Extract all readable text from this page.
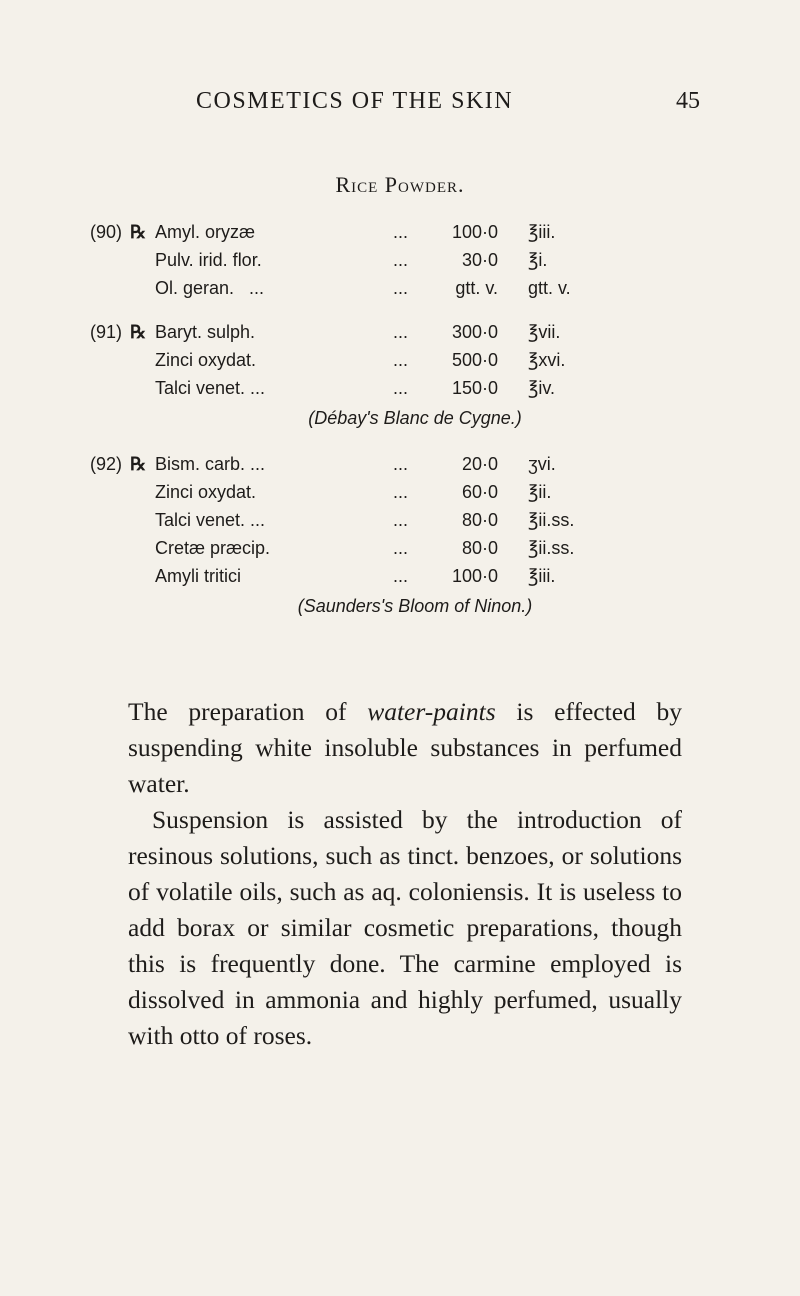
COSMETICS OF THE SKIN	45
Rice Powder.
(90) ℞ Amyl. oryzæ	... 100·0 ℥iii.
Pulv. irid. flor.	...	30·0 ℥i.
Ol. geran.   ...	...	gtt. v. gtt. v.
(91) ℞ Baryt. sulph.	... 300·0 ℥vii.
Zinci oxydat.	... 500·0 ℥xvi.
Talci venet. ...	... 150·0 ℥iv.
(Débay's Blanc de Cygne.)
(92) ℞ Bism. carb. ...	...	20·0 ʒvi.
Zinci oxydat.	...	60·0 ℥ii.
Talci venet. ...	...	80·0 ℥ii.ss.
Cretæ præcip.	...	80·0 ℥ii.ss.
Amyli tritici	... 100·0 ℥iii.
(Saunders's Bloom of Ninon.)

The preparation of water-paints is effected by suspending white insoluble substances in perfumed water.

Suspension is assisted by the introduction of resinous solutions, such as tinct. benzoes, or solutions of volatile oils, such as aq. coloniensis. It is useless to add borax or similar cosmetic preparations, though this is frequently done. The carmine employed is dissolved in ammonia and highly perfumed, usually with otto of roses.
